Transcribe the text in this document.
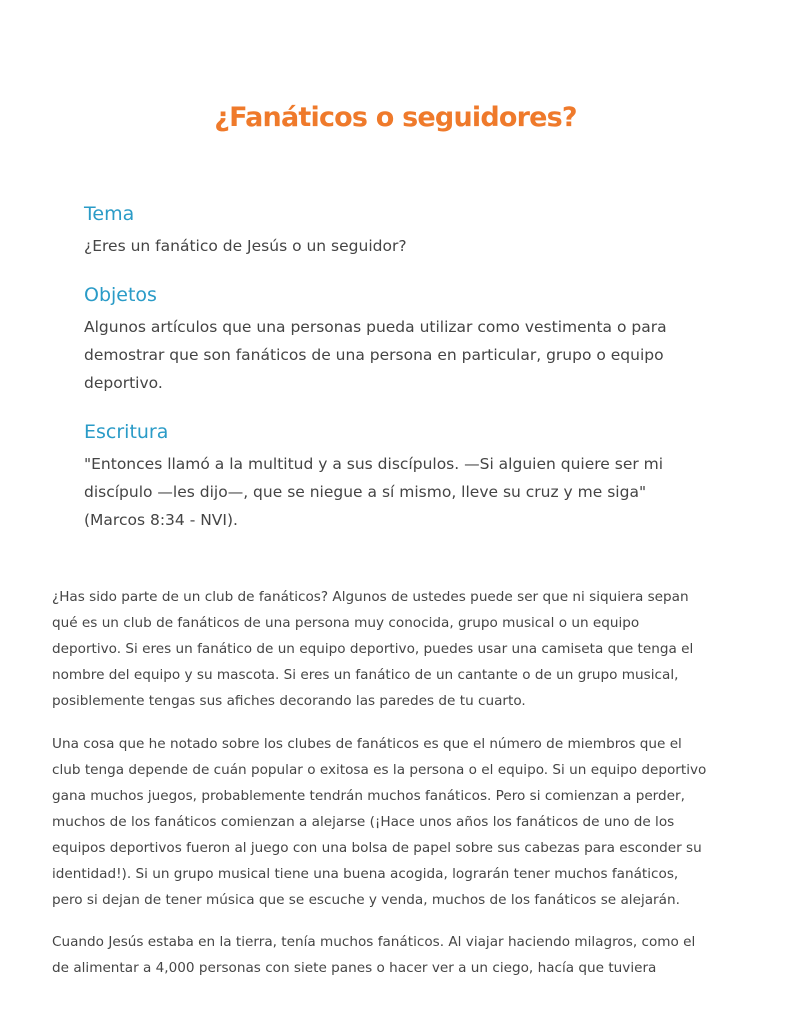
¿Fanáticos o seguidores?
Tema
¿Eres un fanático de Jesús o un seguidor?
Objetos
Algunos artículos que una personas pueda utilizar como vestimenta o para
demostrar que son fanáticos de una persona en particular, grupo o equipo
deportivo.
Escritura
"Entonces llamó a la multitud y a sus discípulos. —Si alguien quiere ser mi
discípulo —les dijo—, que se niegue a sí mismo, lleve su cruz y me siga"
(Marcos 8:34 - NVI).
¿Has sido parte de un club de fanáticos? Algunos de ustedes puede ser que ni siquiera sepan
qué es un club de fanáticos de una persona muy conocida, grupo musical o un equipo
deportivo. Si eres un fanático de un equipo deportivo, puedes usar una camiseta que tenga el
nombre del equipo y su mascota. Si eres un fanático de un cantante o de un grupo musical,
posiblemente tengas sus afiches decorando las paredes de tu cuarto.
Una cosa que he notado sobre los clubes de fanáticos es que el número de miembros que el
club tenga depende de cuán popular o exitosa es la persona o el equipo. Si un equipo deportivo
gana muchos juegos, probablemente tendrán muchos fanáticos. Pero si comienzan a perder,
muchos de los fanáticos comienzan a alejarse (¡Hace unos años los fanáticos de uno de los
equipos deportivos fueron al juego con una bolsa de papel sobre sus cabezas para esconder su
identidad!). Si un grupo musical tiene una buena acogida, lograrán tener muchos fanáticos,
pero si dejan de tener música que se escuche y venda, muchos de los fanáticos se alejarán.
Cuando Jesús estaba en la tierra, tenía muchos fanáticos. Al viajar haciendo milagros, como el
de alimentar a 4,000 personas con siete panes o hacer ver a un ciego, hacía que tuviera
